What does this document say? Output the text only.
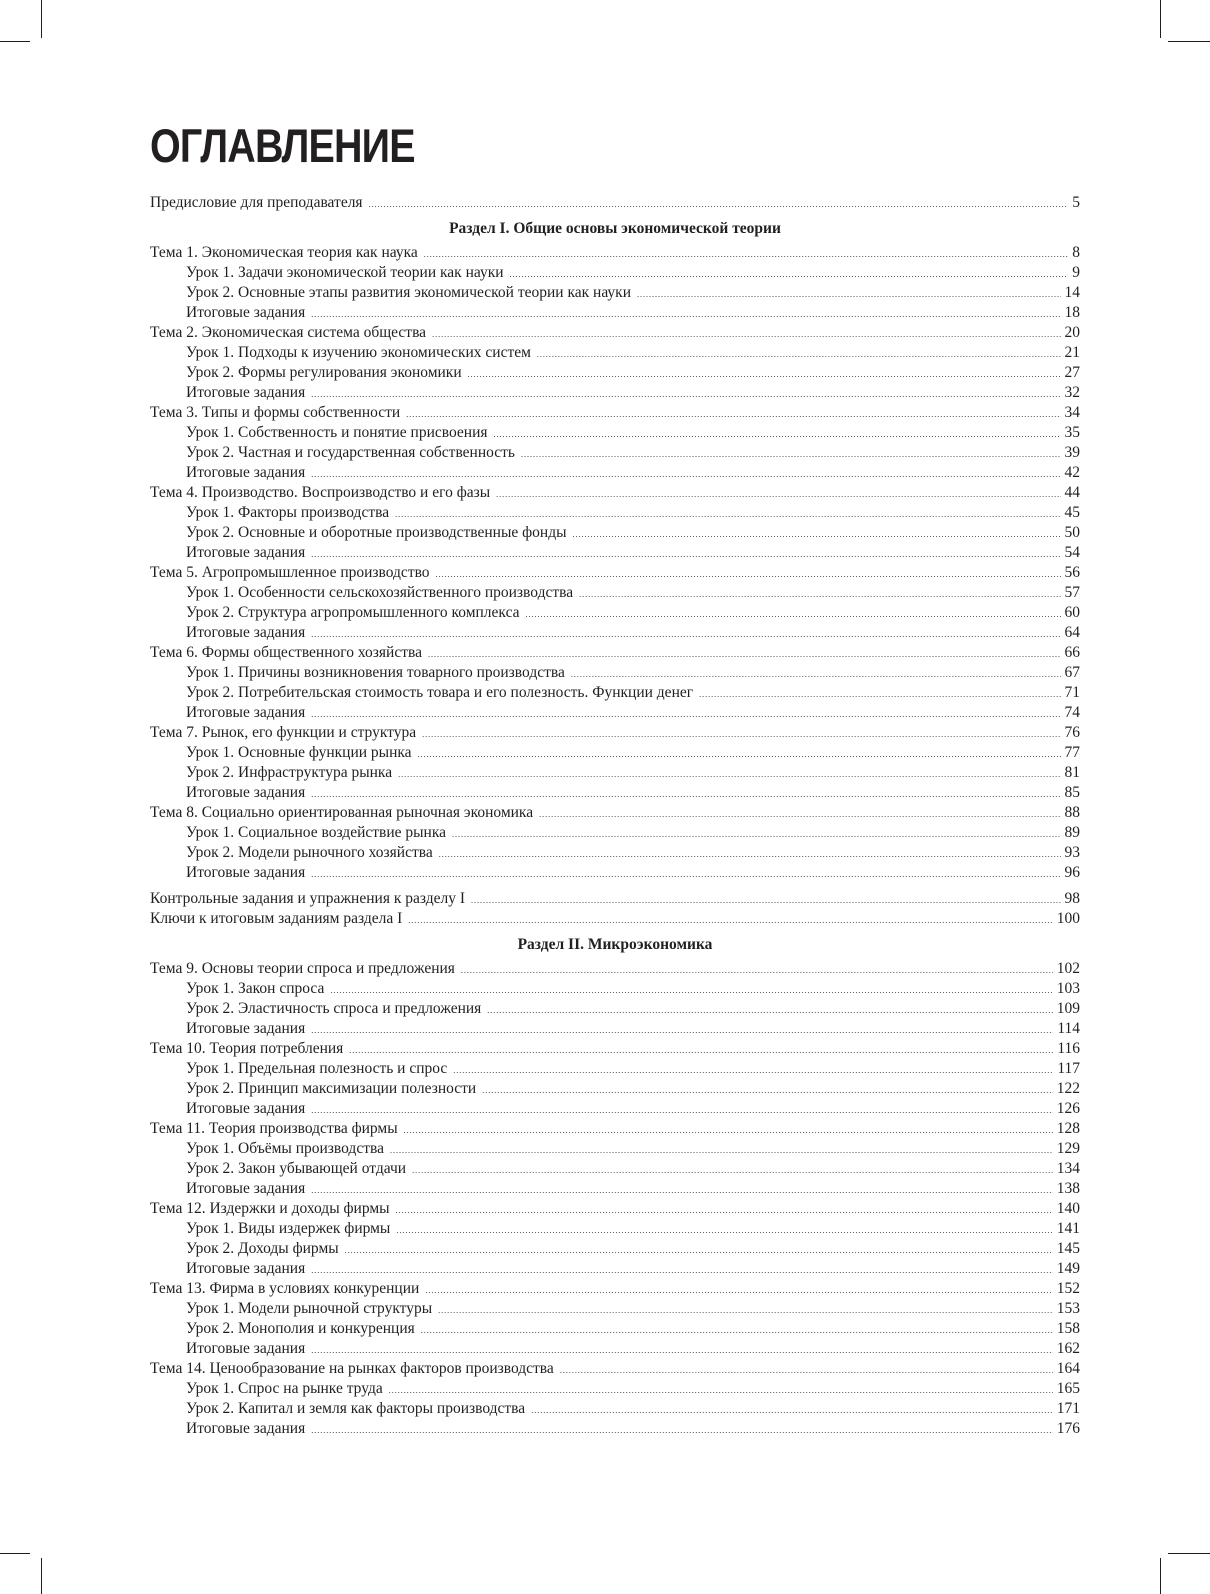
ОГЛАВЛЕНИЕ
Предисловие для преподавателя .....	5
Раздел I. Общие основы экономической теории
Тема 1. Экономическая теория как наука .....	8
Урок 1. Задачи экономической теории как науки .....	9
Урок 2. Основные этапы развития экономической теории как науки .....	14
Итоговые задания .....	18
Тема 2. Экономическая система общества .....	20
Урок 1. Подходы к изучению экономических систем .....	21
Урок 2. Формы регулирования экономики .....	27
Итоговые задания .....	32
Тема 3. Типы и формы собственности .....	34
Урок 1. Собственность и понятие присвоения .....	35
Урок 2. Частная и государственная собственность .....	39
Итоговые задания .....	42
Тема 4. Производство. Воспроизводство и его фазы .....	44
Урок 1. Факторы производства .....	45
Урок 2. Основные и оборотные производственные фонды .....	50
Итоговые задания .....	54
Тема 5. Агропромышленное производство .....	56
Урок 1. Особенности сельскохозяйственного производства .....	57
Урок 2. Структура агропромышленного комплекса .....	60
Итоговые задания .....	64
Тема 6. Формы общественного хозяйства .....	66
Урок 1. Причины возникновения товарного производства .....	67
Урок 2. Потребительская стоимость товара и его полезность. Функции денег .....	71
Итоговые задания .....	74
Тема 7. Рынок, его функции и структура .....	76
Урок 1. Основные функции рынка .....	77
Урок 2. Инфраструктура рынка .....	81
Итоговые задания .....	85
Тема 8. Социально ориентированная рыночная экономика .....	88
Урок 1. Социальное воздействие рынка .....	89
Урок 2. Модели рыночного хозяйства .....	93
Итоговые задания .....	96
Контрольные задания и упражнения к разделу I .....	98
Ключи к итоговым заданиям раздела I .....	100
Раздел II. Микроэкономика
Тема 9. Основы теории спроса и предложения .....	102
Урок 1. Закон спроса .....	103
Урок 2. Эластичность спроса и предложения .....	109
Итоговые задания .....	114
Тема 10. Теория потребления .....	116
Урок 1. Предельная полезность и спрос .....	117
Урок 2. Принцип максимизации полезности .....	122
Итоговые задания .....	126
Тема 11. Теория производства фирмы .....	128
Урок 1. Объёмы производства .....	129
Урок 2. Закон убывающей отдачи .....	134
Итоговые задания .....	138
Тема 12. Издержки и доходы фирмы .....	140
Урок 1. Виды издержек фирмы .....	141
Урок 2. Доходы фирмы .....	145
Итоговые задания .....	149
Тема 13. Фирма в условиях конкуренции .....	152
Урок 1. Модели рыночной структуры .....	153
Урок 2. Монополия и конкуренция .....	158
Итоговые задания .....	162
Тема 14. Ценообразование на рынках факторов производства .....	164
Урок 1. Спрос на рынке труда .....	165
Урок 2. Капитал и земля как факторы производства .....	171
Итоговые задания .....	176
